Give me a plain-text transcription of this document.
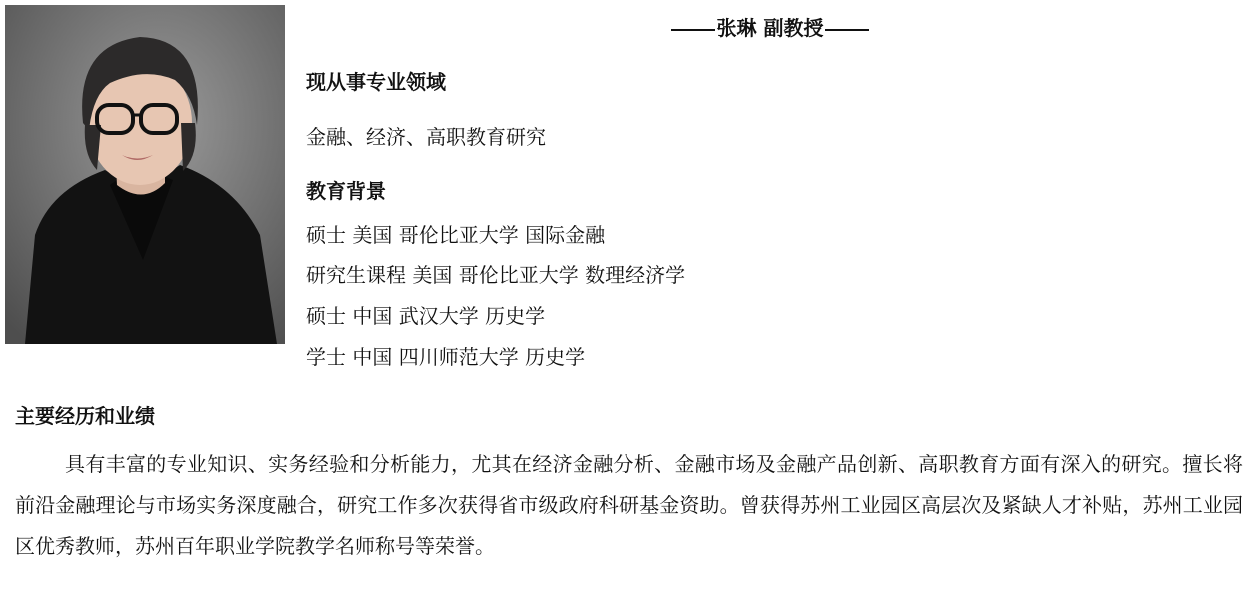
张琳 副教授
现从事专业领域
金融、经济、高职教育研究
教育背景
硕士 美国 哥伦比亚大学 国际金融
研究生课程 美国 哥伦比亚大学 数理经济学
硕士 中国 武汉大学 历史学
学士 中国 四川师范大学 历史学
主要经历和业绩

具有丰富的专业知识、实务经验和分析能力，尤其在经济金融分析、金融市场及金融产品创新、高职教育方面有深入的研究。擅长将前沿金融理论与市场实务深度融合，研究工作多次获得省市级政府科研基金资助。曾获得苏州工业园区高层次及紧缺人才补贴，苏州工业园区优秀教师，苏州百年职业学院教学名师称号等荣誉。
